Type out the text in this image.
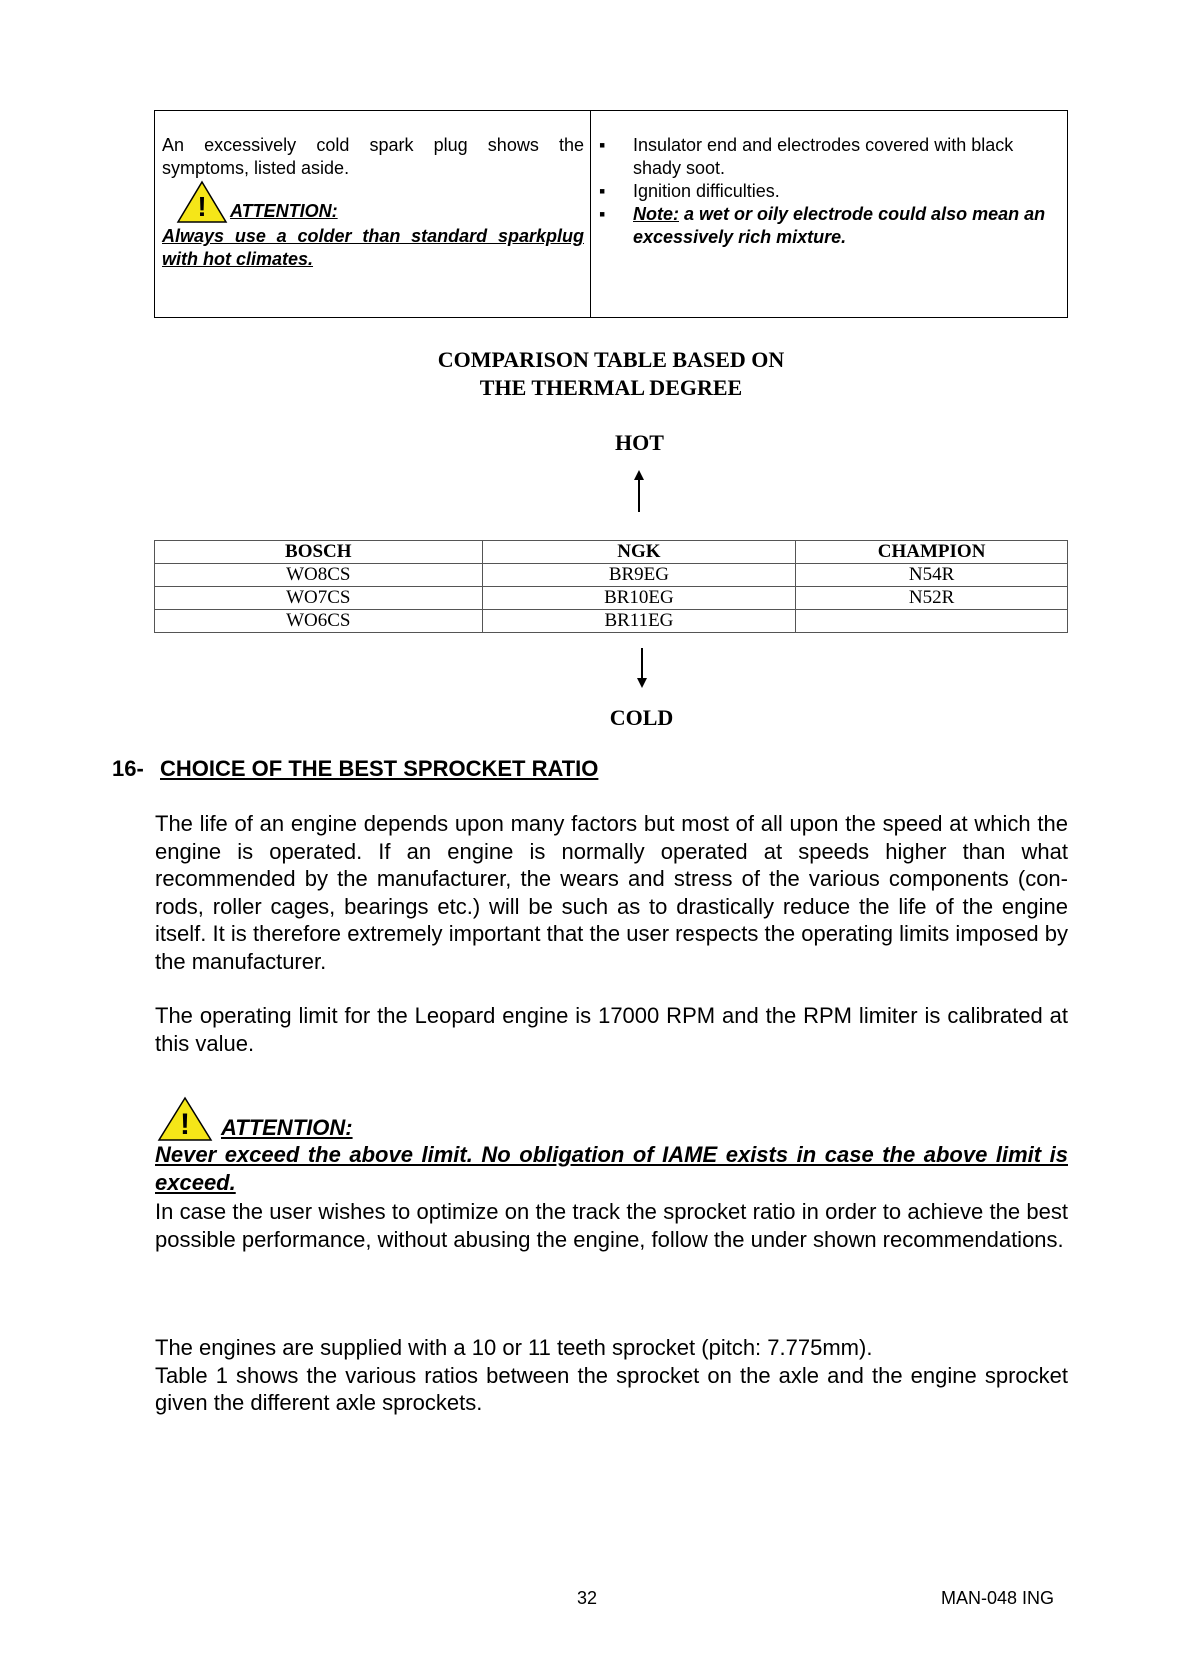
An excessively cold spark plug shows the symptoms, listed aside.
! ATTENTION:
Always use a colder than standard sparkplug with hot climates.
▪ Insulator end and electrodes covered with black shady soot.
▪ Ignition difficulties.
▪ Note: a wet or oily electrode could also mean an excessively rich mixture.
COMPARISON TABLE BASED ON
THE THERMAL DEGREE
HOT
BOSCH	NGK	CHAMPION
WO8CS	BR9EG	N54R
WO7CS	BR10EG	N52R
WO6CS	BR11EG	
COLD
16- CHOICE OF THE BEST SPROCKET RATIO
The life of an engine depends upon many factors but most of all upon the speed at which the engine is operated. If an engine is normally operated at speeds higher than what recommended by the manufacturer, the wears and stress of the various components (con-rods, roller cages, bearings etc.) will be such as to drastically reduce the life of the engine itself. It is therefore extremely important that the user respects the operating limits imposed by the manufacturer.
The operating limit for the Leopard engine is 17000 RPM and the RPM limiter is calibrated at this value.
! ATTENTION:
Never exceed the above limit. No obligation of IAME exists in case the above limit is exceed.
In case the user wishes to optimize on the track the sprocket ratio in order to achieve the best possible performance, without abusing the engine, follow the under shown recommendations.
The engines are supplied with a 10 or 11 teeth sprocket (pitch: 7.775mm).
Table 1 shows the various ratios between the sprocket on the axle and the engine sprocket given the different axle sprockets.
32	MAN-048 ING
